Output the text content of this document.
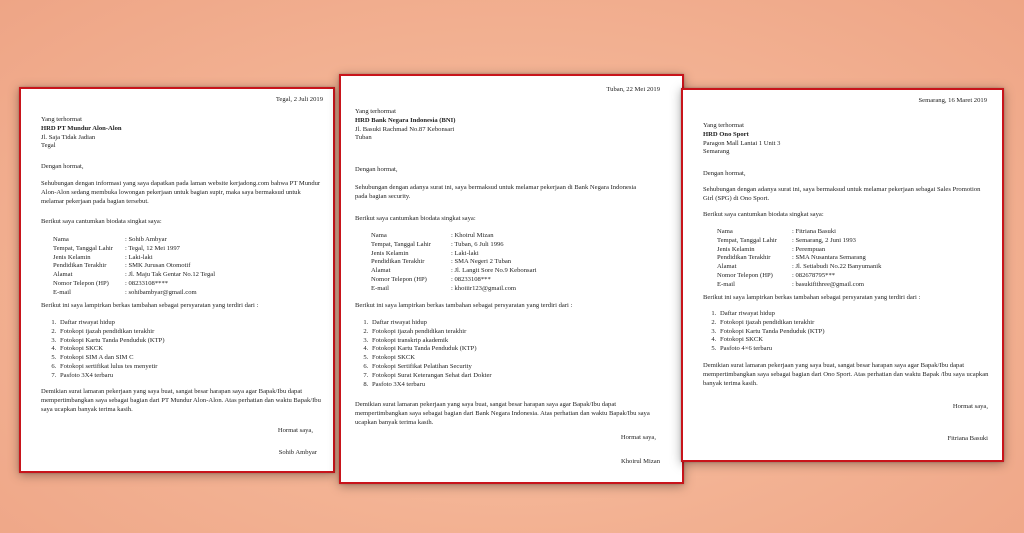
Tegal, 2 Juli 2019
Yang terhormat
HRD PT Mundur Alon-Alon
Jl. Saja Tidak Jadian
Tegal
Dengan hormat,
Sehubungan dengan informasi yang saya dapatkan pada laman website kerjadong.com bahwa PT Mundur Alon-Alon sedang membuka lowongan pekerjaan untuk bagian supir, maka saya bermaksud untuk melamar pekerjaan pada bagian tersebut.
Berikut saya cantumkan biodata singkat saya:
Nama	: Sohib Ambyar
Tempat, Tanggal Lahir	: Tegal, 12 Mei 1997
Jenis Kelamin	: Laki-laki
Pendidikan Terakhir	: SMK Jurusan Otomotif
Alamat	: Jl. Maju Tak Gentar No.12 Tegal
Nomor Telepon (HP)	: 08233108****
E-mail	: sohibambyar@gmail.com
Berikut ini saya lampirkan berkas tambahan sebagai persyaratan yang terdiri dari :
1. Daftar riwayat hidup
2. Fotokopi ijazah pendidikan terakhir
3. Fotokopi Kartu Tanda Penduduk (KTP)
4. Fotokopi SKCK
5. Fotokopi SIM A dan SIM C
6. Fotokopi sertifikat lulus tes menyetir
7. Pasfoto 3X4 terbaru
Demikian surat lamaran pekerjaan yang saya buat, sangat besar harapan saya agar Bapak/Ibu dapat mempertimbangkan saya sebagai bagian dari PT Mundur Alon-Alon. Atas perhatian dan waktu Bapak/Ibu saya ucapkan banyak terima kasih.
Hormat saya,
Sohib Ambyar
Tuban, 22 Mei 2019
Yang terhormat
HRD Bank Negara Indonesia (BNI)
Jl. Basuki Rachmad No.87 Kebonsari
Tuban
Dengan hormat,
Sehubungan dengan adanya surat ini, saya bermaksud untuk melamar pekerjaan di Bank Negara Indonesia pada bagian security.
Berikut saya cantumkan biodata singkat saya:
Nama	: Khoirul Mizan
Tempat, Tanggal Lahir	: Tuban, 6 Juli 1996
Jenis Kelamin	: Laki-laki
Pendidikan Terakhir	: SMA Negeri 2 Tuban
Alamat	: Jl. Langit Sore No.9 Kebonsari
Nomor Telepon (HP)	: 08233108***
E-mail	: khoiiir123@gmail.com
Berikut ini saya lampirkan berkas tambahan sebagai persyaratan yang terdiri dari :
1. Daftar riwayat hidup
2. Fotokopi ijazah pendidikan terakhir
3. Fotokopi transkrip akademik
4. Fotokopi Kartu Tanda Penduduk (KTP)
5. Fotokopi SKCK
6. Fotokopi Sertifikat Pelatihan Security
7. Fotokopi Surat Keterangan Sehat dari Dokter
8. Pasfoto 3X4 terbaru
Demikian surat lamaran pekerjaan yang saya buat, sangat besar harapan saya agar Bapak/Ibu dapat mempertimbangkan saya sebagai bagian dari Bank Negara Indonesia. Atas perhatian dan waktu Bapak/Ibu saya ucapkan banyak terima kasih.
Hormat saya,
Khoirul Mizan
Semarang, 16 Maret 2019
Yang terhormat
HRD Ono Sport
Paragon Mall Lantai 1 Unit 3
Semarang
Dengan hormat,
Sehubungan dengan adanya surat ini, saya bermaksud untuk melamar pekerjaan sebagai Sales Promotion Girl (SPG) di Ono Sport.
Berikut saya cantumkan biodata singkat saya:
Nama	: Fitriana Basuki
Tempat, Tanggal Lahir	: Semarang, 2 Juni 1993
Jenis Kelamin	: Perempuan
Pendidikan Terakhir	: SMA Nusantara Semarang
Alamat	: Jl. Setiabudi No.22 Banyumanik
Nomor Telepon (HP)	: 082678795***
E-mail	: basukifithree@gmail.com
Berikut ini saya lampirkan berkas tambahan sebagai persyaratan yang terdiri dari :
1. Daftar riwayat hidup
2. Fotokopi ijazah pendidikan terakhir
3. Fotokopi Kartu Tanda Penduduk (KTP)
4. Fotokopi SKCK
5. Pasfoto 4×6 terbaru
Demikian surat lamaran pekerjaan yang saya buat, sangat besar harapan saya agar Bapak/Ibu dapat mempertimbangkan saya sebagai bagian dari Ono Sport. Atas perhatian dan waktu Bapak /Ibu saya ucapkan banyak terima kasih.
Hormat saya,
Fitriana Basuki
